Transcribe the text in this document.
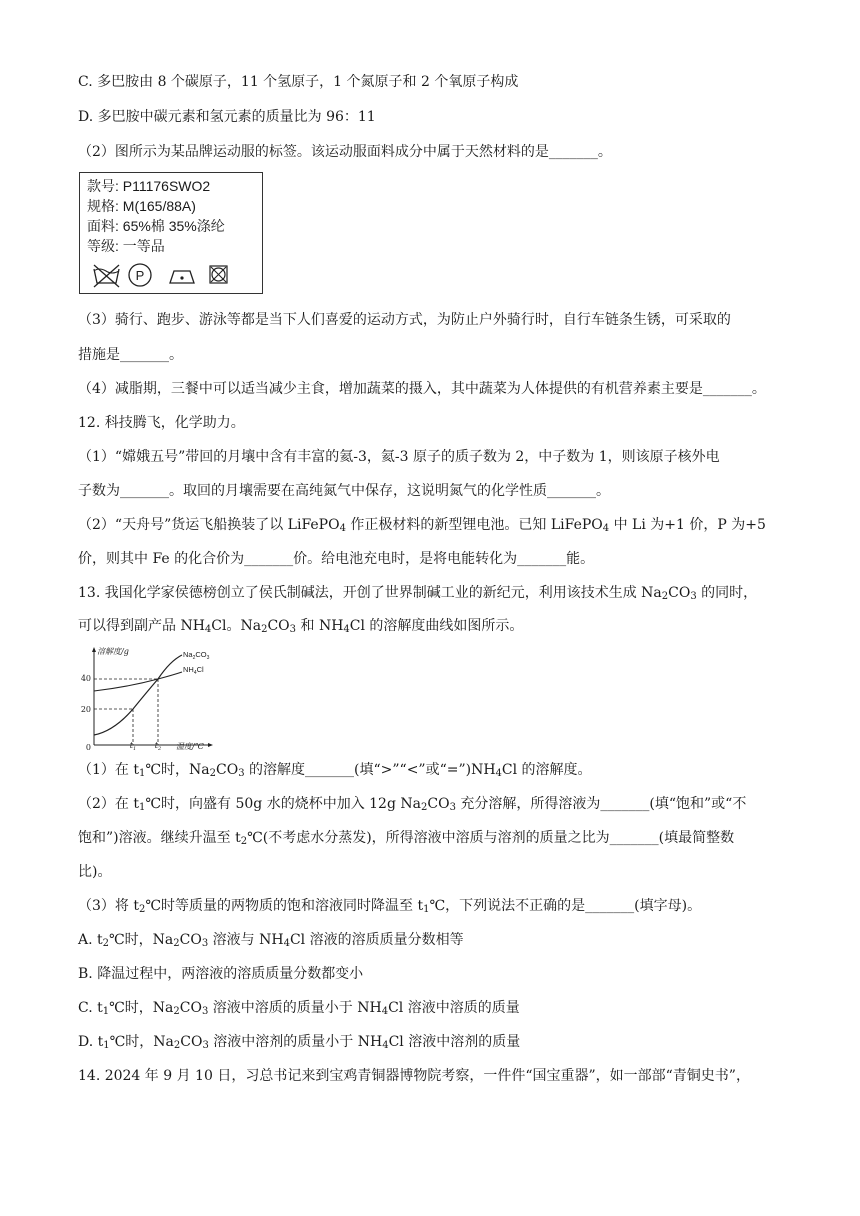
C. 多巴胺由 8 个碳原子，11 个氢原子，1 个氮原子和 2 个氧原子构成
D. 多巴胺中碳元素和氢元素的质量比为 96：11
（2）图所示为某品牌运动服的标签。该运动服面料成分中属于天然材料的是_______。
款号: P11176SWO2
规格: M(165/88A)
面料: 65%棉 35%涤纶
等级: 一等品
P
（3）骑行、跑步、游泳等都是当下人们喜爱的运动方式，为防止户外骑行时，自行车链条生锈，可采取的
措施是_______。
（4）减脂期，三餐中可以适当减少主食，增加蔬菜的摄入，其中蔬菜为人体提供的有机营养素主要是_______。
12. 科技腾飞，化学助力。
（1）“嫦娥五号”带回的月壤中含有丰富的氦-3，氦-3 原子的质子数为 2，中子数为 1，则该原子核外电
子数为_______。取回的月壤需要在高纯氮气中保存，这说明氮气的化学性质_______。
（2）“天舟号”货运飞船换装了以 LiFePO$_4$ 作正极材料的新型锂电池。已知 LiFePO$_4$ 中 Li 为+1 价，P 为+5
价，则其中 Fe 的化合价为_______价。给电池充电时，是将电能转化为_______能。
13. 我国化学家侯德榜创立了侯氏制碱法，开创了世界制碱工业的新纪元，利用该技术生成 $Na_2CO_3$ 的同时，
可以得到副产品 $NH_4Cl$。$Na_2CO_3$ 和 $NH_4Cl$ 的溶解度曲线如图所示。
溶解度/g
温度/℃
0
40
20
$t_1$ $t_2$
$Na_2CO_3$
$NH_4Cl$
（1）在 $t_1℃$时，$Na_2CO_3$ 的溶解度_______(填“>”“<”或“$=”)NH_4Cl$ 的溶解度。
（2）在 $t_1℃$时，向盛有 50g 水的烧杯中加入 12g $Na_2CO_3$ 充分溶解，所得溶液为_______(填“饱和”或“不
饱和”)溶液。继续升温至 $t_2℃$(不考虑水分蒸发)，所得溶液中溶质与溶剂的质量之比为_______(填最简整数
比)。
（3）将 $t_2℃$时等质量的两物质的饱和溶液同时降温至 $t_1℃$，下列说法不正确的是_______(填字母)。
A. $t_2℃$时，$Na_2CO_3$ 溶液与 $NH_4Cl$ 溶液的溶质质量分数相等
B. 降温过程中，两溶液的溶质质量分数都变小
C. $t_1℃$时，$Na_2CO_3$ 溶液中溶质的质量小于 $NH_4Cl$ 溶液中溶质的质量
D. $t_1℃$时，$Na_2CO_3$ 溶液中溶剂的质量小于 $NH_4Cl$ 溶液中溶剂的质量
14. 2024 年 9 月 10 日，习总书记来到宝鸡青铜器博物院考察，一件件“国宝重器”，如一部部“青铜史书”，
